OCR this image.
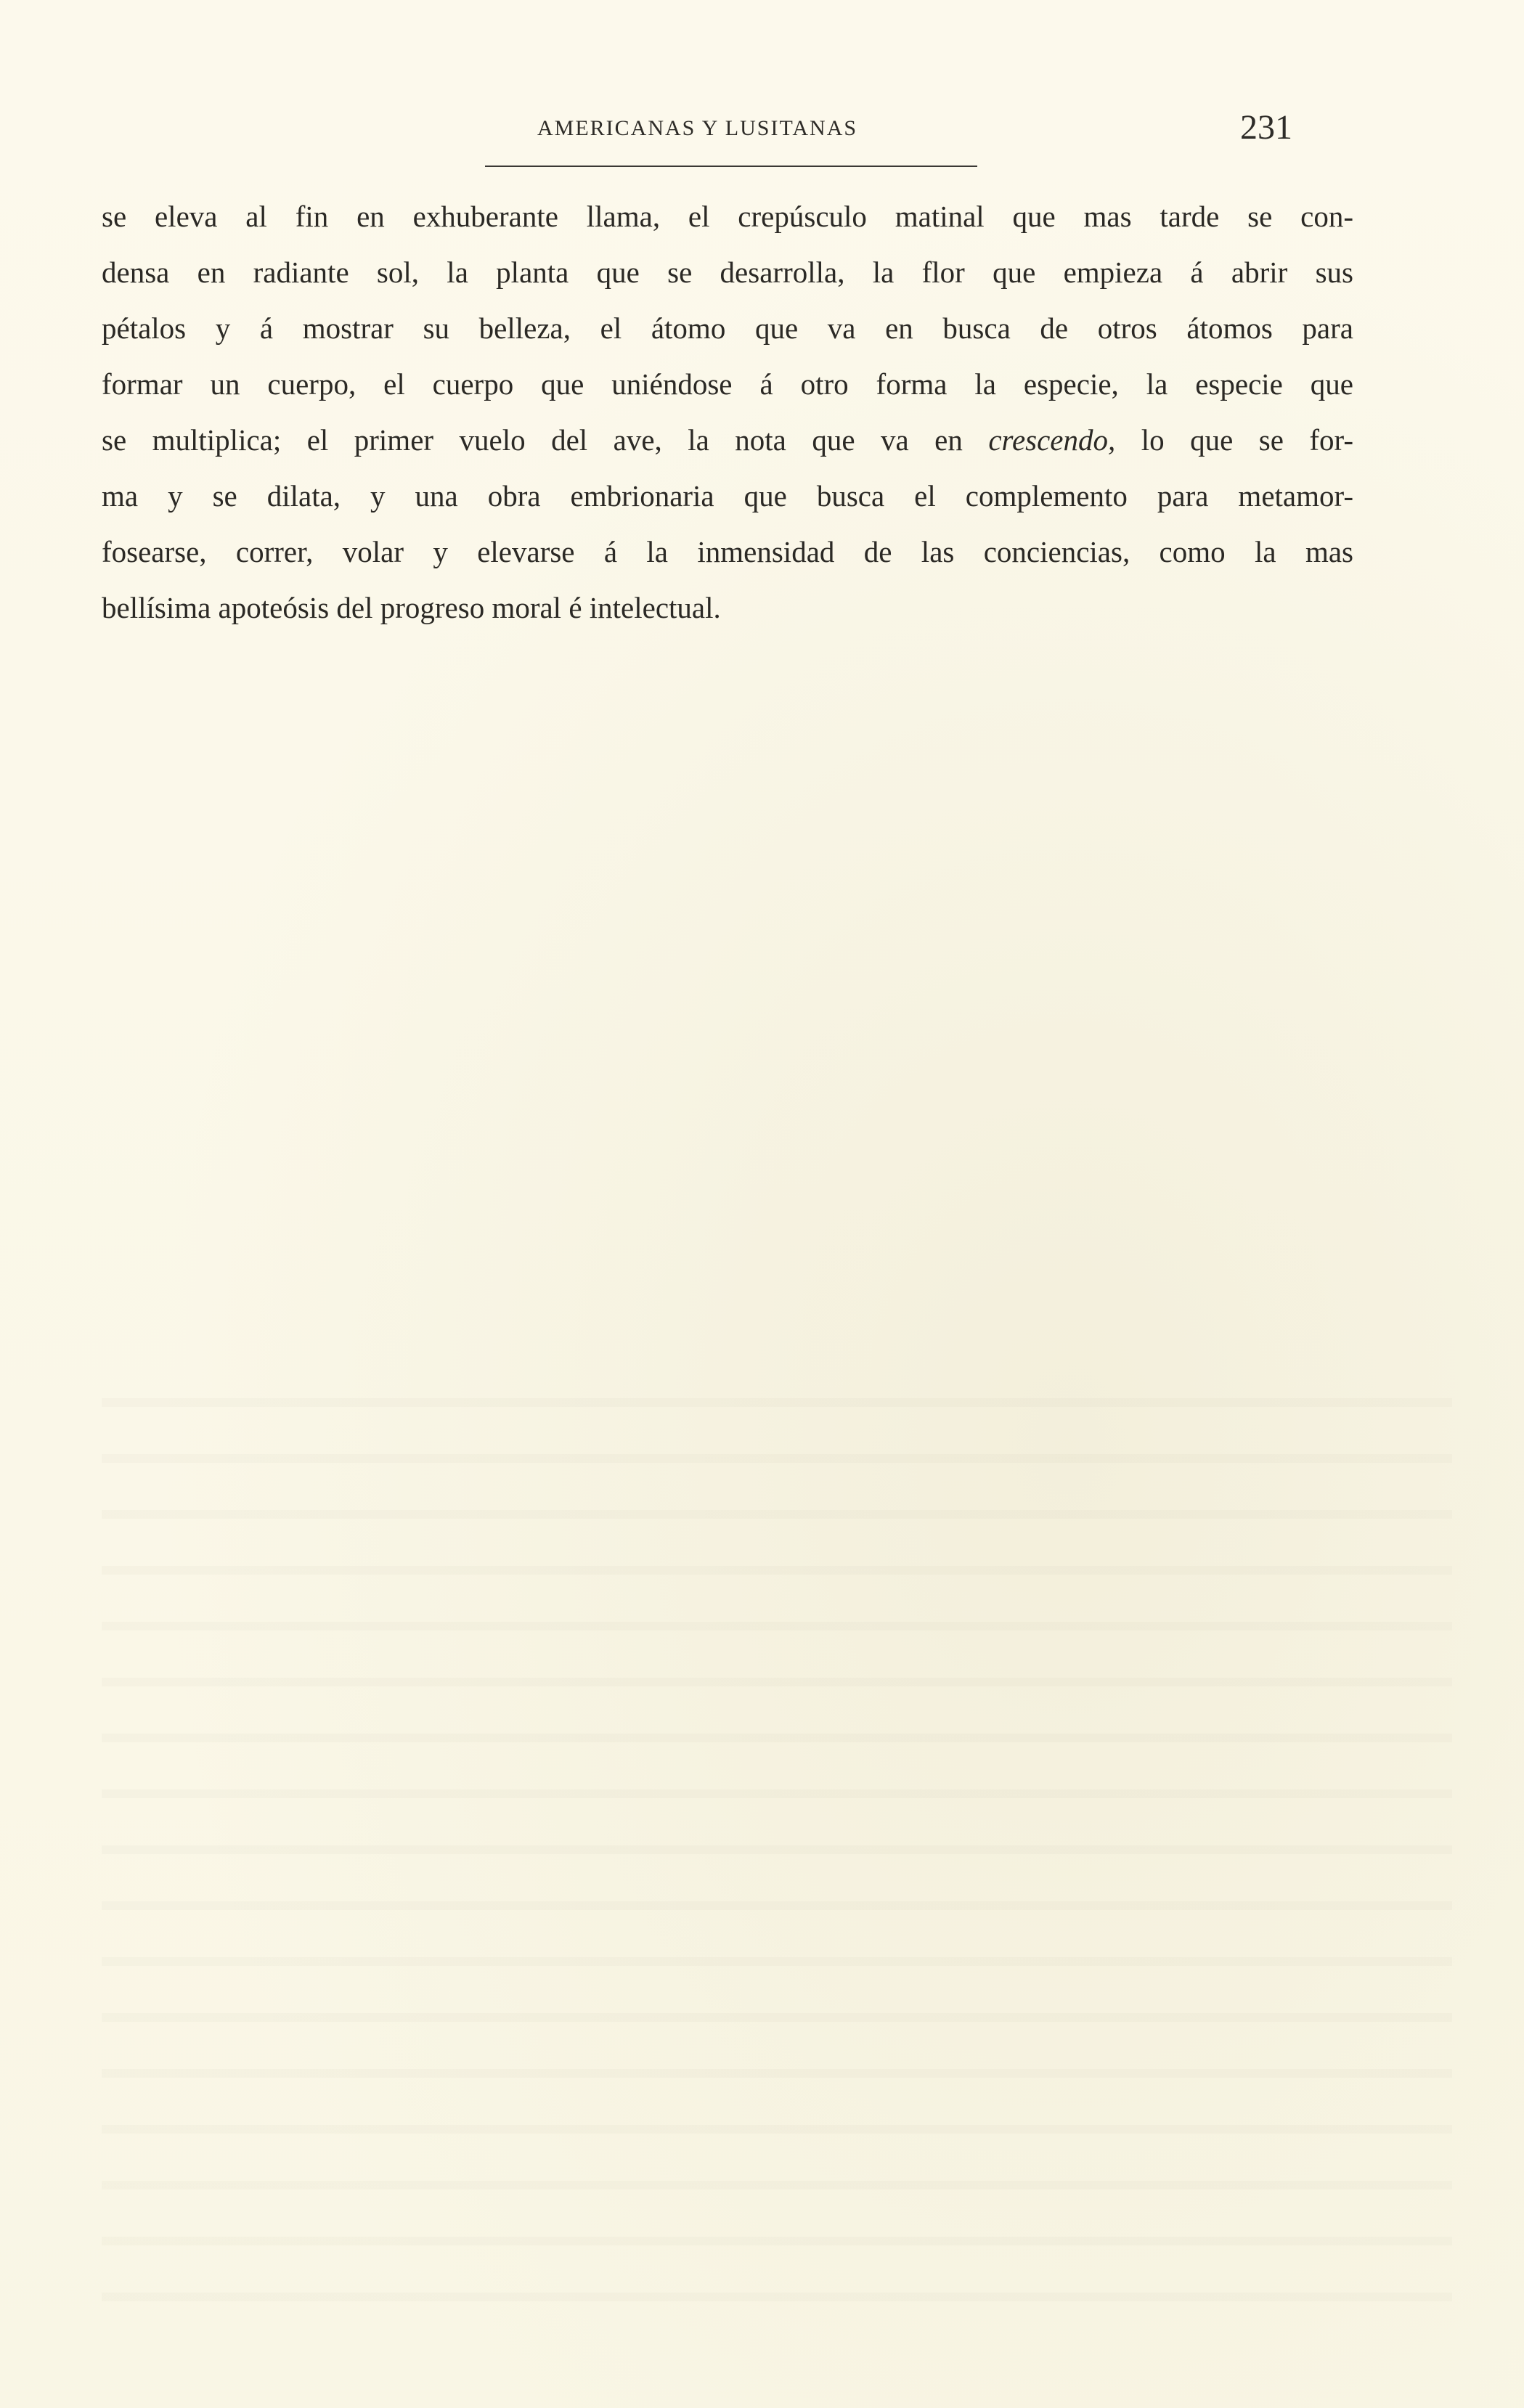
AMERICANAS Y LUSITANAS	231
se eleva al fin en exhuberante llama, el crepúsculo matinal que mas tarde se con-
densa en radiante sol, la planta que se desarrolla, la flor que empieza á abrir sus
pétalos y á mostrar su belleza, el átomo que va en busca de otros átomos para
formar un cuerpo, el cuerpo que uniéndose á otro forma la especie, la especie que
se multiplica; el primer vuelo del ave, la nota que va en crescendo, lo que se for-
ma y se dilata, y una obra embrionaria que busca el complemento para metamor-
fosearse, correr, volar y elevarse á la inmensidad de las conciencias, como la mas
bellísima apoteósis del progreso moral é intelectual.
